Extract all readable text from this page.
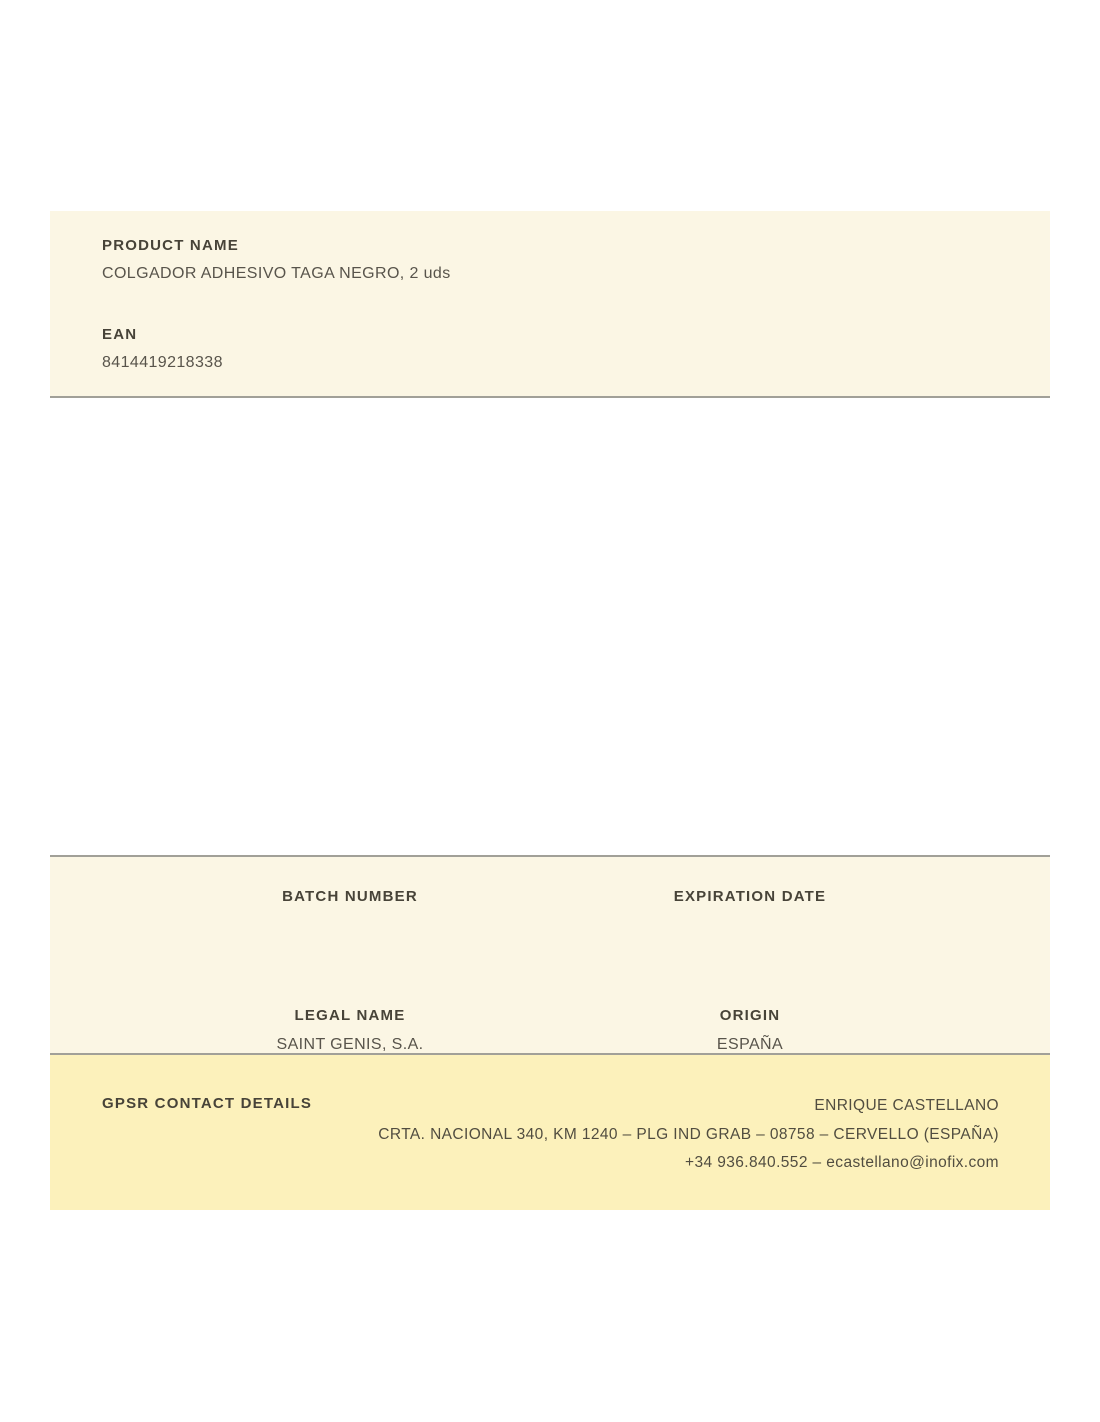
PRODUCT NAME
COLGADOR ADHESIVO TAGA NEGRO, 2 uds
EAN
8414419218338
BATCH NUMBER	EXPIRATION DATE
LEGAL NAME
SAINT GENIS, S.A.
ORIGIN
ESPAÑA
GPSR CONTACT DETAILS	ENRIQUE CASTELLANO
CRTA. NACIONAL 340, KM 1240 – PLG IND GRAB – 08758 – CERVELLO (ESPAÑA)
+34 936.840.552 – ecastellano@inofix.com
